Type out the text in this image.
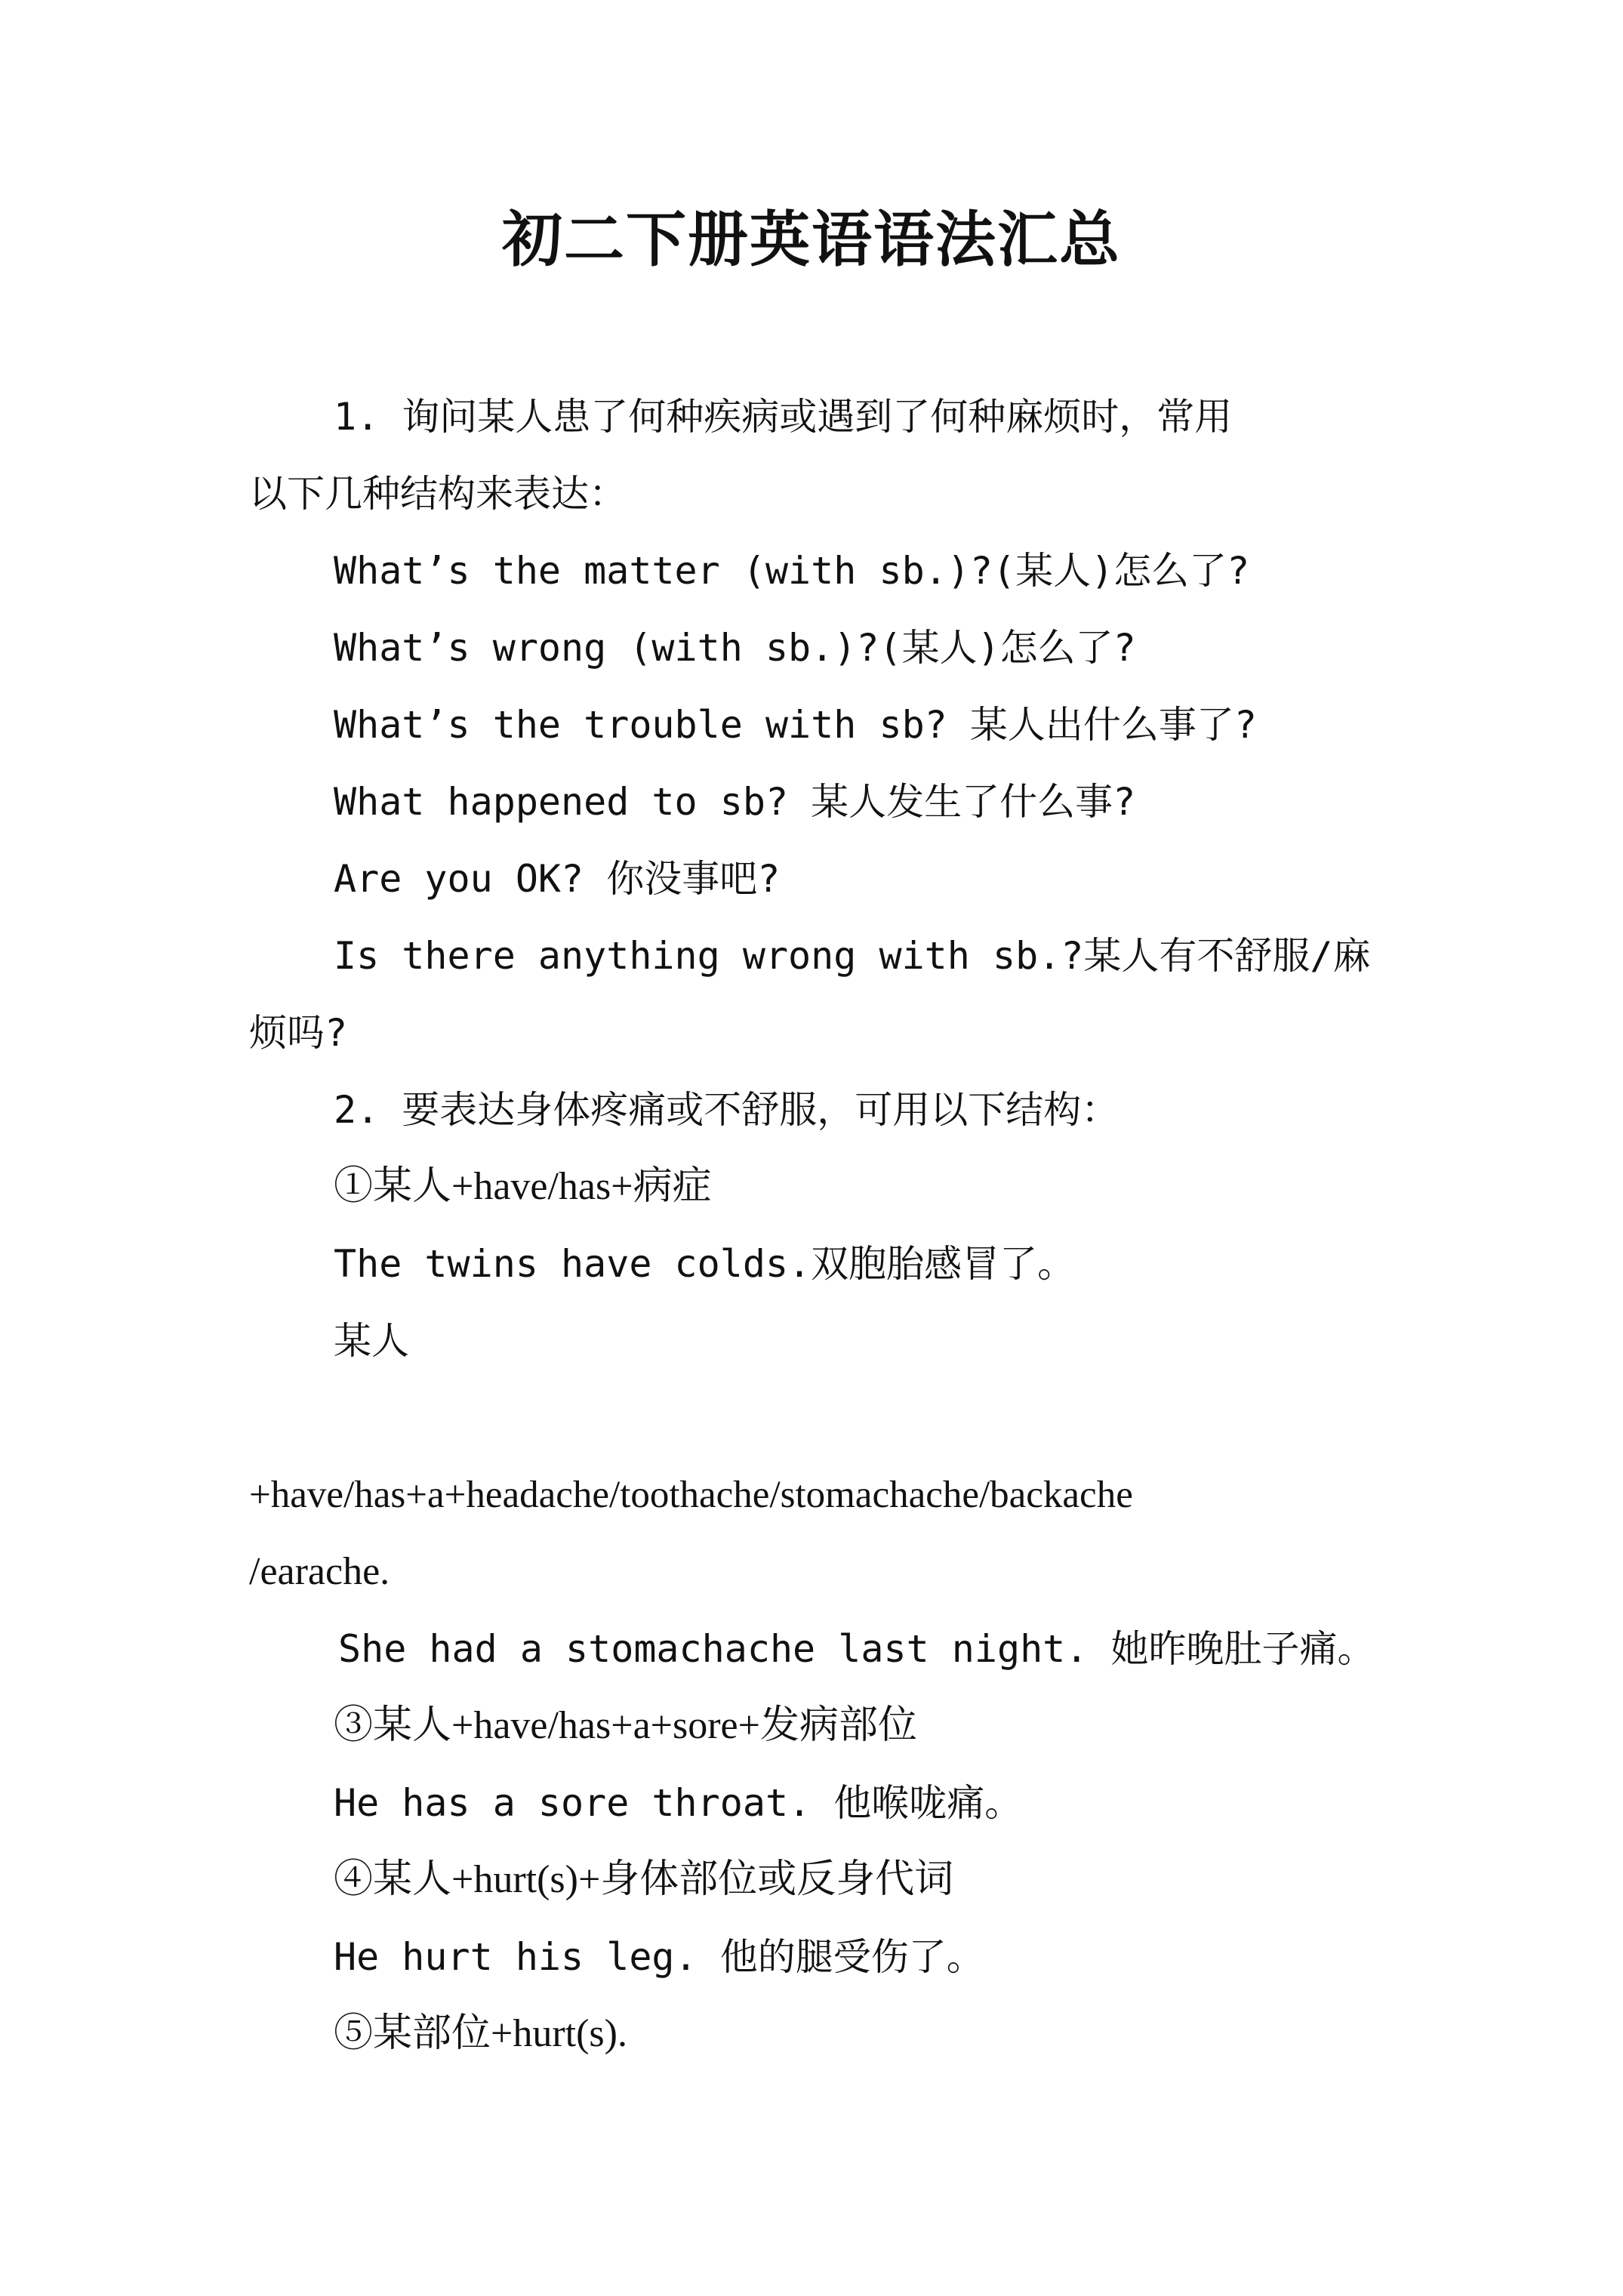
初二下册英语语法汇总
1. 询问某人患了何种疾病或遇到了何种麻烦时，常用
以下几种结构来表达：
What’s the matter (with sb.)?(某人)怎么了?
What’s wrong (with sb.)?(某人)怎么了?
What’s the trouble with sb? 某人出什么事了?
What happened to sb? 某人发生了什么事?
Are you OK? 你没事吧?
Is there anything wrong with sb.?某人有不舒服/麻
烦吗?
2. 要表达身体疼痛或不舒服，可用以下结构：
①某人+have/has+病症
The twins have colds.双胞胎感冒了。
某人
+have/has+a+headache/toothache/stomachache/backache
/earache.
She had a stomachache last night. 她昨晚肚子痛。
③某人+have/has+a+sore+发病部位
He has a sore throat. 他喉咙痛。
④某人+hurt(s)+身体部位或反身代词
He hurt his leg. 他的腿受伤了。
⑤某部位+hurt(s).
